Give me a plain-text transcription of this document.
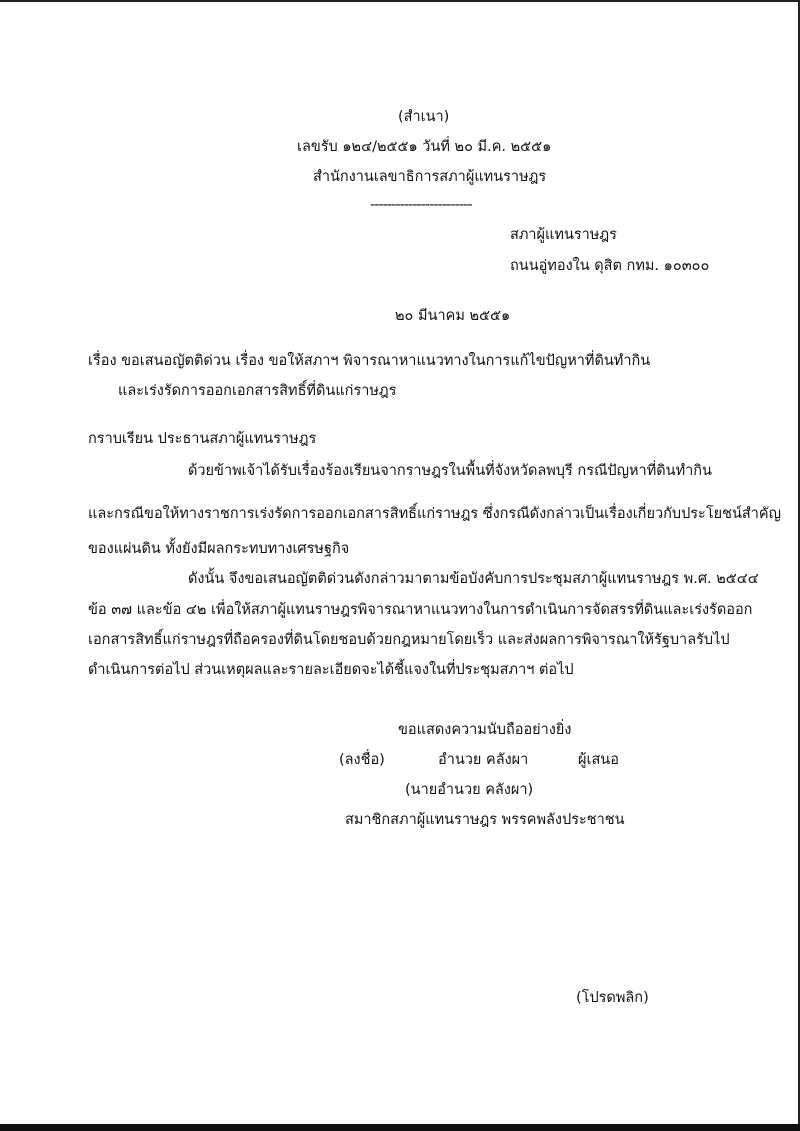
(สำเนา)
เลขรับ ๑๒๔/๒๕๕๑ วันที่ ๒๐ มี.ค. ๒๕๕๑
สำนักงานเลขาธิการสภาผู้แทนราษฎร
------------------------
สภาผู้แทนราษฎร
ถนนอู่ทองใน ดุสิต กทม. ๑๐๓๐๐
๒๐ มีนาคม ๒๕๕๑
เรื่อง ขอเสนอญัตติด่วน เรื่อง ขอให้สภาฯ พิจารณาหาแนวทางในการแก้ไขปัญหาที่ดินทำกิน
และเร่งรัดการออกเอกสารสิทธิ์ที่ดินแก่ราษฎร
กราบเรียน ประธานสภาผู้แทนราษฎร
ด้วยข้าพเจ้าได้รับเรื่องร้องเรียนจากราษฎรในพื้นที่จังหวัดลพบุรี กรณีปัญหาที่ดินทำกิน
และกรณีขอให้ทางราชการเร่งรัดการออกเอกสารสิทธิ์แก่ราษฎร ซึ่งกรณีดังกล่าวเป็นเรื่องเกี่ยวกับประโยชน์สำคัญ
ของแผ่นดิน ทั้งยังมีผลกระทบทางเศรษฐกิจ
ดังนั้น จึงขอเสนอญัตติด่วนดังกล่าวมาตามข้อบังคับการประชุมสภาผู้แทนราษฎร พ.ศ. ๒๕๔๔
ข้อ ๓๗ และข้อ ๔๒ เพื่อให้สภาผู้แทนราษฎรพิจารณาหาแนวทางในการดำเนินการจัดสรรที่ดินและเร่งรัดออก
เอกสารสิทธิ์แก่ราษฎรที่ถือครองที่ดินโดยชอบด้วยกฎหมายโดยเร็ว และส่งผลการพิจารณาให้รัฐบาลรับไป
ดำเนินการต่อไป ส่วนเหตุผลและรายละเอียดจะได้ชี้แจงในที่ประชุมสภาฯ ต่อไป
ขอแสดงความนับถืออย่างยิ่ง
(ลงชื่อ)	อำนวย คลังผา	ผู้เสนอ
(นายอำนวย คลังผา)
สมาชิกสภาผู้แทนราษฎร พรรคพลังประชาชน
(โปรดพลิก)
